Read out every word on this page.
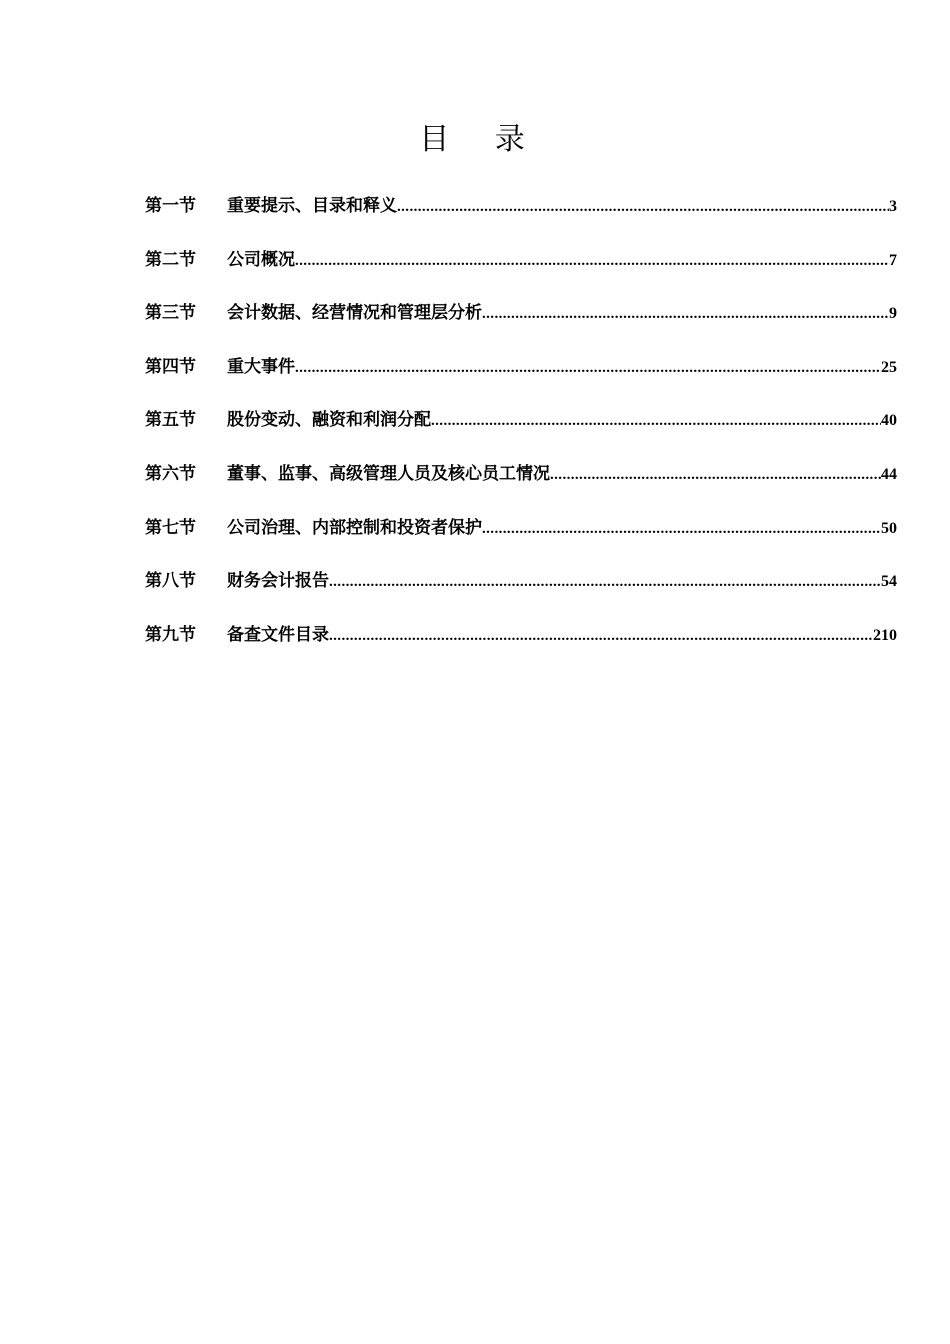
目 录
第一节	重要提示、目录和释义 .....	3
第二节	公司概况 .....	7
第三节	会计数据、经营情况和管理层分析 .....	9
第四节	重大事件 .....	25
第五节	股份变动、融资和利润分配 .....	40
第六节	董事、监事、高级管理人员及核心员工情况 .....	44
第七节	公司治理、内部控制和投资者保护 .....	50
第八节	财务会计报告 .....	54
第九节	备查文件目录 .....	210
